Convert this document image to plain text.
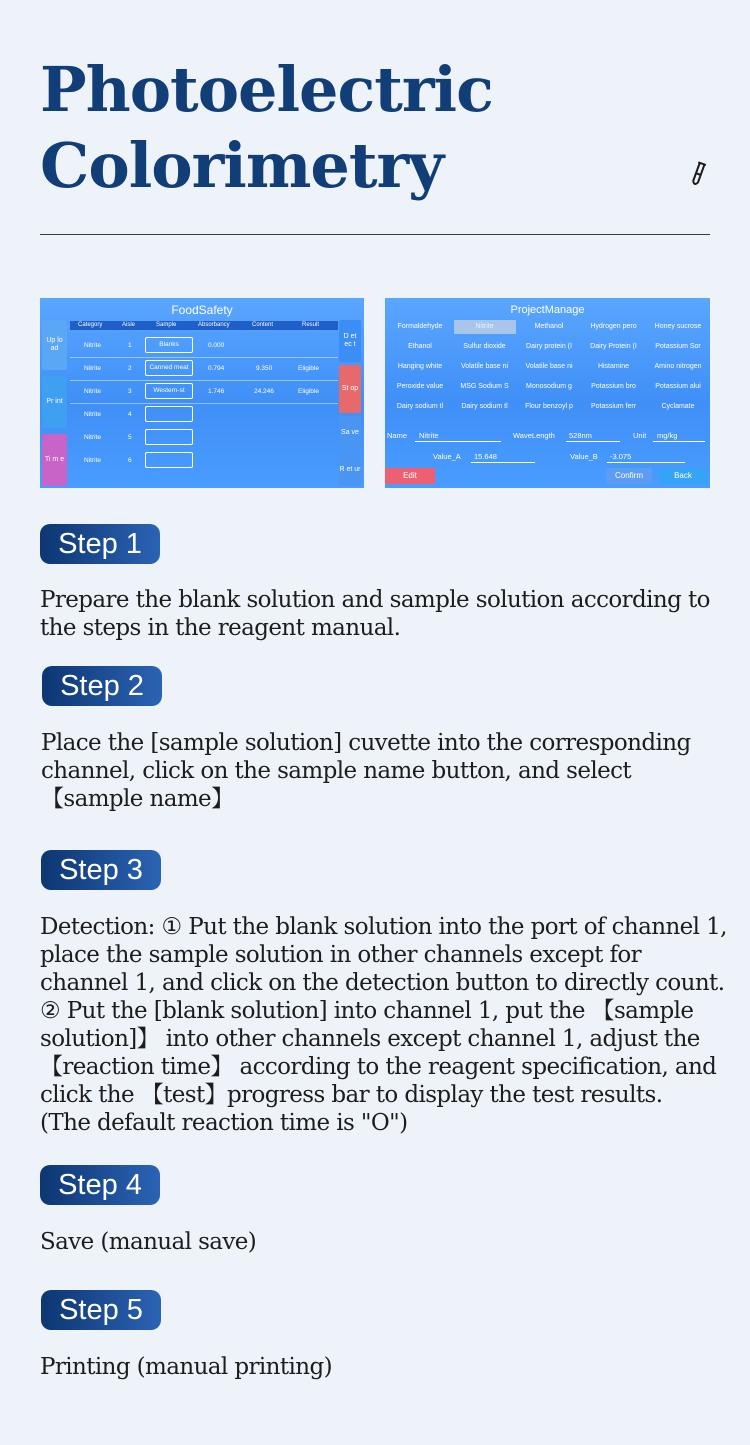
Photoelectric
Colorimetry
FoodSafety
Category	Aisle	Sample	Absorbancy	Content	Result
Up lo ad
Pr int
Ti m e
D et ec t
St op
Sa ve
R et ur
Nitrite	1	Blanks	0.000
Nitrite	2	Canned meat	0.794	9.350	Eligible
Nitrite	3	Western-st	1.746	24.246	Eligible
Nitrite	4
Nitrite	5
Nitrite	6
ProjectManage
Formaldehyde	Nitrite	Methanol	Hydrogen pero	Honey sucrose
Ethanol	Sulfur dioxide	Dairy protein (I	Dairy Protein (I	Potassium Sor
Hanging white	Volatile base ni	Volatile base ni	Histamine	Amino nitrogen
Peroxide value	MSG Sodium S	Monosodium g	Potassium bro	Potassium alui
Dairy sodium tl	Dairy sodium tl	Flour benzoyl p	Potassium ferr	Cyclamate
Name Nitrite	WaveLength 528nm	Unit mg/kg
Value_A 15.648	Value_B -3.075
Edit	Confirm	Back
Step 1

Prepare the blank solution and sample solution according to the steps in the reagent manual.

Step 2

Place the [sample solution] cuvette into the corresponding channel, click on the sample name button, and select 【sample name】

Step 3

Detection: ① Put the blank solution into the port of channel 1, place the sample solution in other channels except for channel 1, and click on the detection button to directly count. ② Put the [blank solution] into channel 1, put the 【sample solution]】 into other channels except channel 1, adjust the 【reaction time】 according to the reagent specification, and click the 【test】progress bar to display the test results.

(The default reaction time is "O")

Step 4

Save (manual save)

Step 5

Printing (manual printing)
